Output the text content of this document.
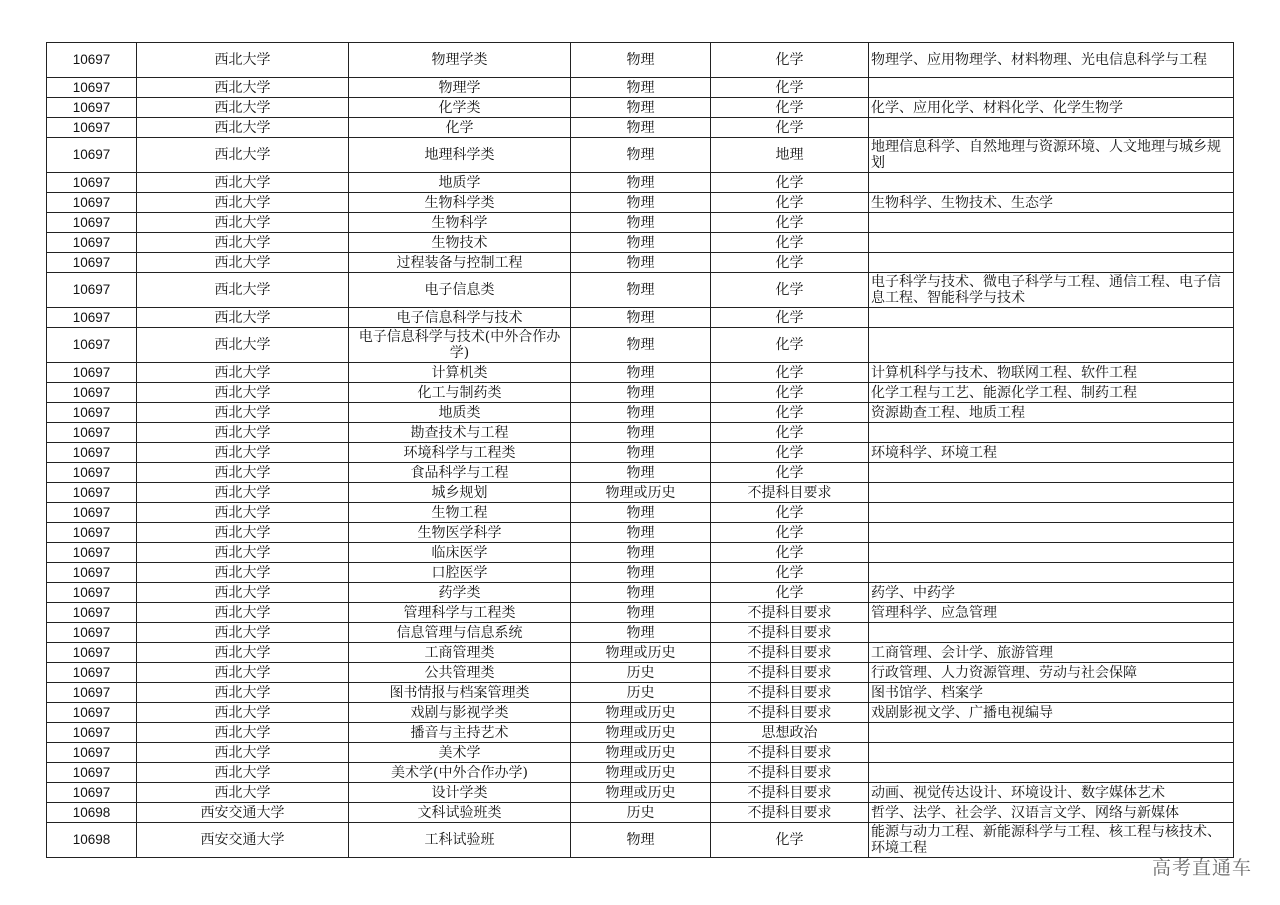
10697	西北大学	物理学类	物理	化学	物理学、应用物理学、材料物理、光电信息科学与工程
10697	西北大学	物理学	物理	化学	
10697	西北大学	化学类	物理	化学	化学、应用化学、材料化学、化学生物学
10697	西北大学	化学	物理	化学	
10697	西北大学	地理科学类	物理	地理	地理信息科学、自然地理与资源环境、人文地理与城乡规划
10697	西北大学	地质学	物理	化学	
10697	西北大学	生物科学类	物理	化学	生物科学、生物技术、生态学
10697	西北大学	生物科学	物理	化学	
10697	西北大学	生物技术	物理	化学	
10697	西北大学	过程装备与控制工程	物理	化学	
10697	西北大学	电子信息类	物理	化学	电子科学与技术、微电子科学与工程、通信工程、电子信息工程、智能科学与技术
10697	西北大学	电子信息科学与技术	物理	化学	
10697	西北大学	电子信息科学与技术(中外合作办学)	物理	化学	
10697	西北大学	计算机类	物理	化学	计算机科学与技术、物联网工程、软件工程
10697	西北大学	化工与制药类	物理	化学	化学工程与工艺、能源化学工程、制药工程
10697	西北大学	地质类	物理	化学	资源勘查工程、地质工程
10697	西北大学	勘查技术与工程	物理	化学	
10697	西北大学	环境科学与工程类	物理	化学	环境科学、环境工程
10697	西北大学	食品科学与工程	物理	化学	
10697	西北大学	城乡规划	物理或历史	不提科目要求	
10697	西北大学	生物工程	物理	化学	
10697	西北大学	生物医学科学	物理	化学	
10697	西北大学	临床医学	物理	化学	
10697	西北大学	口腔医学	物理	化学	
10697	西北大学	药学类	物理	化学	药学、中药学
10697	西北大学	管理科学与工程类	物理	不提科目要求	管理科学、应急管理
10697	西北大学	信息管理与信息系统	物理	不提科目要求	
10697	西北大学	工商管理类	物理或历史	不提科目要求	工商管理、会计学、旅游管理
10697	西北大学	公共管理类	历史	不提科目要求	行政管理、人力资源管理、劳动与社会保障
10697	西北大学	图书情报与档案管理类	历史	不提科目要求	图书馆学、档案学
10697	西北大学	戏剧与影视学类	物理或历史	不提科目要求	戏剧影视文学、广播电视编导
10697	西北大学	播音与主持艺术	物理或历史	思想政治	
10697	西北大学	美术学	物理或历史	不提科目要求	
10697	西北大学	美术学(中外合作办学)	物理或历史	不提科目要求	
10697	西北大学	设计学类	物理或历史	不提科目要求	动画、视觉传达设计、环境设计、数字媒体艺术
10698	西安交通大学	文科试验班类	历史	不提科目要求	哲学、法学、社会学、汉语言文学、网络与新媒体
10698	西安交通大学	工科试验班	物理	化学	能源与动力工程、新能源科学与工程、核工程与核技术、环境工程
高考直通车
